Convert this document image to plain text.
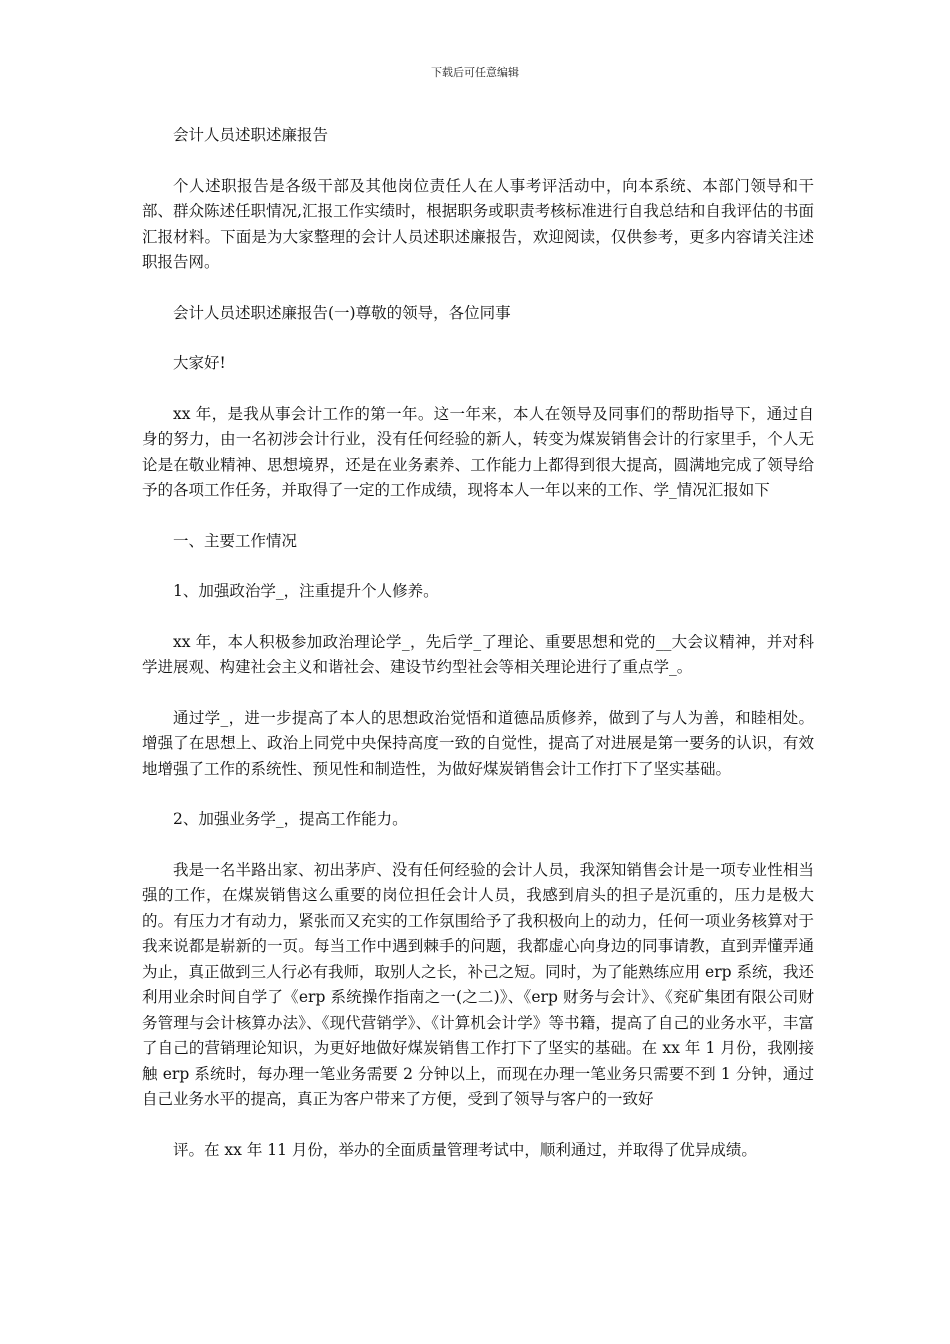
下载后可任意编辑

会计人员述职述廉报告

个人述职报告是各级干部及其他岗位责任人在人事考评活动中，向本系统、本部门领导和干部、群众陈述任职情况,汇报工作实绩时，根据职务或职责考核标准进行自我总结和自我评估的书面汇报材料。下面是为大家整理的会计人员述职述廉报告，欢迎阅读，仅供参考，更多内容请关注述职报告网。

会计人员述职述廉报告(一)尊敬的领导，各位同事

大家好!

xx 年，是我从事会计工作的第一年。这一年来，本人在领导及同事们的帮助指导下，通过自身的努力，由一名初涉会计行业，没有任何经验的新人，转变为煤炭销售会计的行家里手，个人无论是在敬业精神、思想境界，还是在业务素养、工作能力上都得到很大提高，圆满地完成了领导给予的各项工作任务，并取得了一定的工作成绩，现将本人一年以来的工作、学_情况汇报如下

一、主要工作情况

1、加强政治学_，注重提升个人修养。

xx 年，本人积极参加政治理论学_，先后学_了理论、重要思想和党的__大会议精神，并对科学进展观、构建社会主义和谐社会、建设节约型社会等相关理论进行了重点学_。

通过学_，进一步提高了本人的思想政治觉悟和道德品质修养，做到了与人为善，和睦相处。增强了在思想上、政治上同党中央保持高度一致的自觉性，提高了对进展是第一要务的认识，有效地增强了工作的系统性、预见性和制造性，为做好煤炭销售会计工作打下了坚实基础。

2、加强业务学_，提高工作能力。

我是一名半路出家、初出茅庐、没有任何经验的会计人员，我深知销售会计是一项专业性相当强的工作，在煤炭销售这么重要的岗位担任会计人员，我感到肩头的担子是沉重的，压力是极大的。有压力才有动力，紧张而又充实的工作氛围给予了我积极向上的动力，任何一项业务核算对于我来说都是崭新的一页。每当工作中遇到棘手的问题，我都虚心向身边的同事请教，直到弄懂弄通为止，真正做到三人行必有我师，取别人之长，补己之短。同时，为了能熟练应用 erp 系统，我还利用业余时间自学了《erp 系统操作指南之一(之二)》、《erp 财务与会计》、《兖矿集团有限公司财务管理与会计核算办法》、《现代营销学》、《计算机会计学》等书籍，提高了自己的业务水平，丰富了自己的营销理论知识，为更好地做好煤炭销售工作打下了坚实的基础。在 xx 年 1 月份，我刚接触 erp 系统时，每办理一笔业务需要 2 分钟以上，而现在办理一笔业务只需要不到 1 分钟，通过自己业务水平的提高，真正为客户带来了方便，受到了领导与客户的一致好

评。在 xx 年 11 月份，举办的全面质量管理考试中，顺利通过，并取得了优异成绩。
